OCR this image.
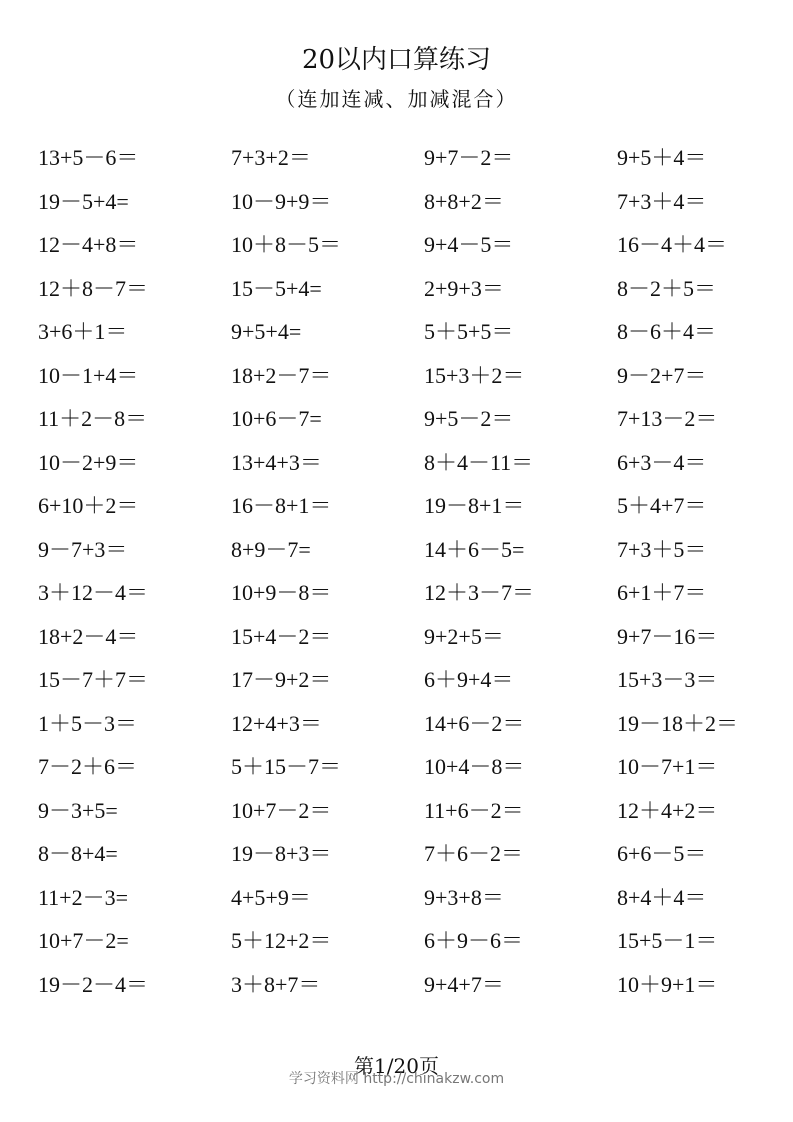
20以内口算练习
（连加连减、加减混合）
13+5－6＝	7+3+2＝	9+7－2＝	9+5＋4＝
19－5+4=	10－9+9＝	8+8+2＝	7+3＋4＝
12－4+8＝	10＋8－5＝	9+4－5＝	16－4＋4＝
12＋8－7＝	15－5+4=	2+9+3＝	8－2＋5＝
3+6＋1＝	9+5+4=	5＋5+5＝	8－6＋4＝
10－1+4＝	18+2－7＝	15+3＋2＝	9－2+7＝
11＋2－8＝	10+6－7=	9+5－2＝	7+13－2＝
10－2+9＝	13+4+3＝	8＋4－11＝	6+3－4＝
6+10＋2＝	16－8+1＝	19－8+1＝	5＋4+7＝
9－7+3＝	8+9－7=	14＋6－5=	7+3＋5＝
3＋12－4＝	10+9－8＝	12＋3－7＝	6+1＋7＝
18+2－4＝	15+4－2＝	9+2+5＝	9+7－16＝
15－7＋7＝	17－9+2＝	6＋9+4＝	15+3－3＝
1＋5－3＝	12+4+3＝	14+6－2＝	19－18＋2＝
7－2＋6＝	5＋15－7＝	10+4－8＝	10－7+1＝
9－3+5=	10+7－2＝	11+6－2＝	12＋4+2＝
8－8+4=	19－8+3＝	7＋6－2＝	6+6－5＝
11+2－3=	4+5+9＝	9+3+8＝	8+4＋4＝
10+7－2=	5＋12+2＝	6＋9－6＝	15+5－1＝
19－2－4＝	3＋8+7＝	9+4+7＝	10＋9+1＝
第1/20页
学习资料网 http://chinakzw.com
